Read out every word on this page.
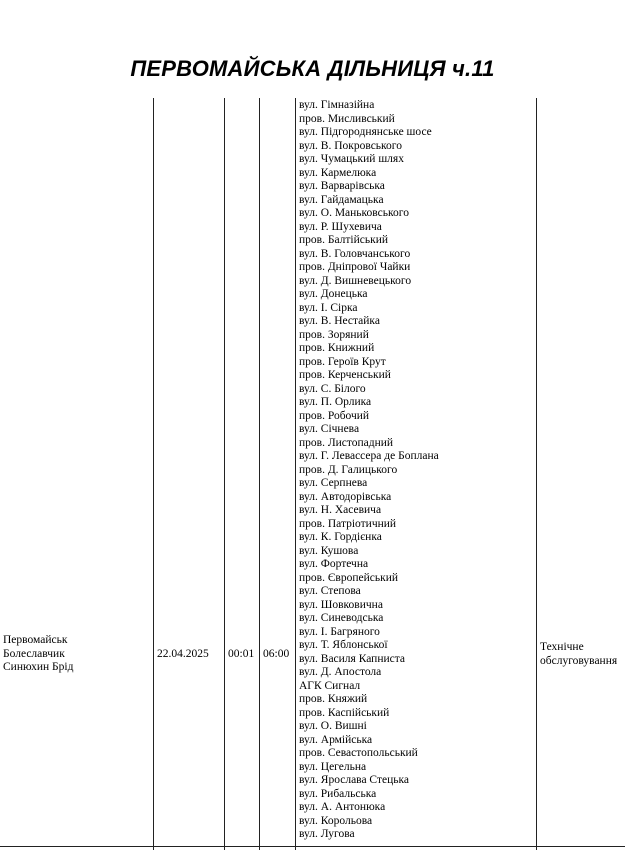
ПЕРВОМАЙСЬКА ДІЛЬНИЦЯ ч.11
Первомайськ
Болеславчик
Синюхин Брід
22.04.2025 00:01 06:00
Технічне
обслуговування
вул. Гімназійна
пров. Мисливський
вул. Підгороднянське шосе
вул. В. Покровського
вул. Чумацький шлях
вул. Кармелюка
вул. Варварівська
вул. Гайдамацька
вул. О. Маньковського
вул. Р. Шухевича
пров. Балтійський
вул. В. Головчанського
пров. Дніпрової Чайки
вул. Д. Вишневецького
вул. Донецька
вул. І. Сірка
вул. В. Нестайка
пров. Зоряний
пров. Книжний
пров. Героїв Крут
пров. Керченський
вул. С. Білого
вул. П. Орлика
пров. Робочий
вул. Січнева
пров. Листопадний
вул. Г. Левассера де Боплана
пров. Д. Галицького
вул. Серпнева
вул. Автодорівська
вул. Н. Хасевича
пров. Патріотичний
вул. К. Гордієнка
вул. Кушова
вул. Фортечна
пров. Європейський
вул. Степова
вул. Шовковична
вул. Синеводська
вул. І. Багряного
вул. Т. Яблонської
вул. Василя Капниста
вул. Д. Апостола
АГК Сигнал
пров. Княжий
пров. Каспійський
вул. О. Вишні
вул. Армійська
пров. Севастопольський
вул. Цегельна
вул. Ярослава Стецька
вул. Рибальська
вул. А. Антонюка
вул. Корольова
вул. Лугова
